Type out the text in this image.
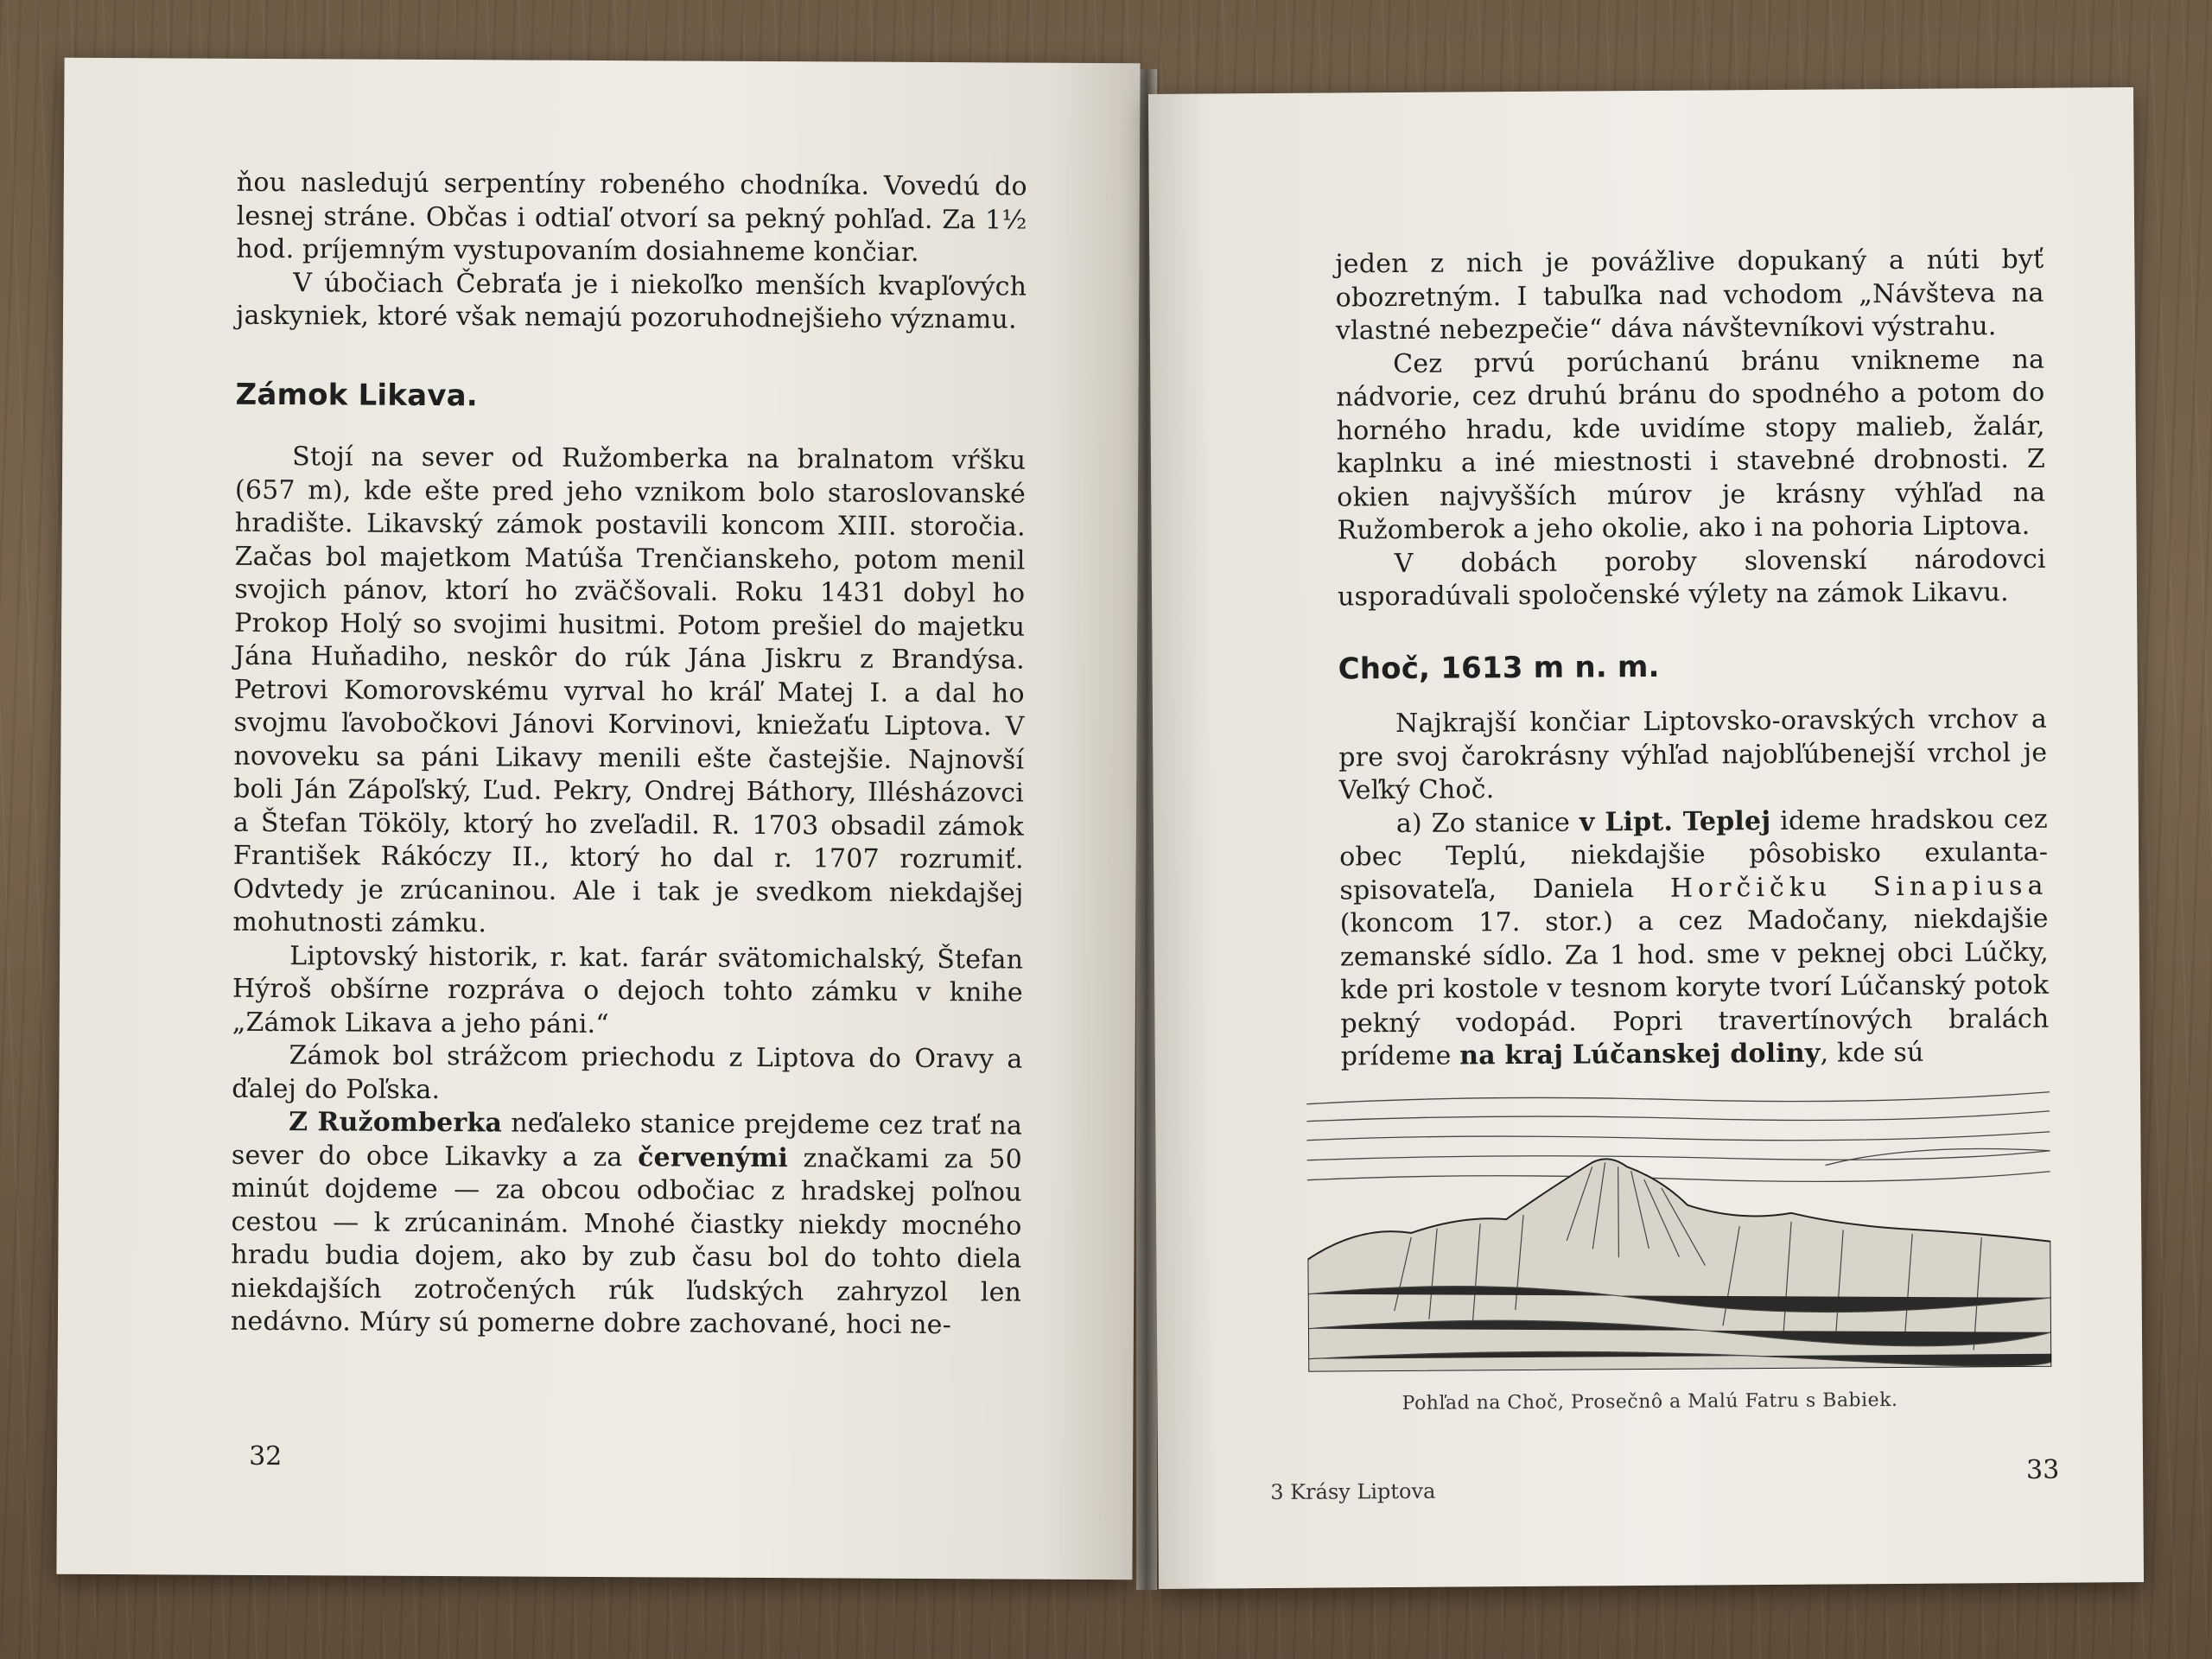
ňou nasledujú serpentíny robeného chodníka. Vovedú do lesnej stráne. Občas i odtiaľ otvorí sa pekný pohľad. Za 1½ hod. príjemným vystupovaním dosiahneme končiar.

V úbočiach Čebraťa je i niekoľko menších kvapľových jaskyniek, ktoré však nemajú pozoruhodnejšieho významu.

Zámok Likava.

Stojí na sever od Ružomberka na bralnatom vŕšku (657 m), kde ešte pred jeho vznikom bolo staroslovanské hradište. Likavský zámok postavili koncom XIII. storočia. Začas bol majetkom Matúša Trenčianskeho, potom menil svojich pánov, ktorí ho zväčšovali. Roku 1431 dobyl ho Prokop Holý so svojimi husitmi. Potom prešiel do majetku Jána Huňadiho, neskôr do rúk Jána Jiskru z Brandýsa. Petrovi Komorovskému vyrval ho kráľ Matej I. a dal ho svojmu ľavobočkovi Jánovi Korvinovi, kniežaťu Liptova. V novoveku sa páni Likavy menili ešte častejšie. Najnovší boli Ján Zápoľský, Ľud. Pekry, Ondrej Báthory, Illésházovci a Štefan Tököly, ktorý ho zveľadil. R. 1703 obsadil zámok František Rákóczy II., ktorý ho dal r. 1707 rozrumiť. Odvtedy je zrúcaninou. Ale i tak je svedkom niekdajšej mohutnosti zámku.

Liptovský historik, r. kat. farár svätomichalský, Štefan Hýroš obšírne rozpráva o dejoch tohto zámku v knihe „Zámok Likava a jeho páni.“

Zámok bol strážcom priechodu z Liptova do Oravy a ďalej do Poľska.

Z Ružomberka neďaleko stanice prejdeme cez trať na sever do obce Likavky a za červenými značkami za 50 minút dojdeme — za obcou odbočiac z hradskej poľnou cestou — k zrúcaninám. Mnohé čiastky niekdy mocného hradu budia dojem, ako by zub času bol do tohto diela niekdajších zotročených rúk ľudských zahryzol len nedávno. Múry sú pomerne dobre zachované, hoci ne-

32

jeden z nich je povážlive dopukaný a núti byť obozretným. I tabuľka nad vchodom „Návšteva na vlastné nebezpečie“ dáva návštevníkovi výstrahu.

Cez prvú porúchanú bránu vnikneme na nádvorie, cez druhú bránu do spodného a potom do horného hradu, kde uvidíme stopy malieb, žalár, kaplnku a iné miestnosti i stavebné drobnosti. Z okien najvyšších múrov je krásny výhľad na Ružomberok a jeho okolie, ako i na pohoria Liptova.

V dobách poroby slovenskí národovci usporadúvali spoločenské výlety na zámok Likavu.

Choč, 1613 m n. m.

Najkrajší končiar Liptovsko-oravských vrchov a pre svoj čarokrásny výhľad najobľúbenejší vrchol je Veľký Choč.

a) Zo stanice v Lipt. Teplej ideme hradskou cez obec Teplú, niekdajšie pôsobisko exulanta-spisovateľa, Daniela Horčičku Sinapiusa (koncom 17. stor.) a cez Madočany, niekdajšie zemanské sídlo. Za 1 hod. sme v peknej obci Lúčky, kde pri kostole v tesnom koryte tvorí Lúčanský potok pekný vodopád. Popri travertínových bralách prídeme na kraj Lúčanskej doliny, kde sú

Pohľad na Choč, Prosečnô a Malú Fatru s Babiek.
3 Krásy Liptova
33
